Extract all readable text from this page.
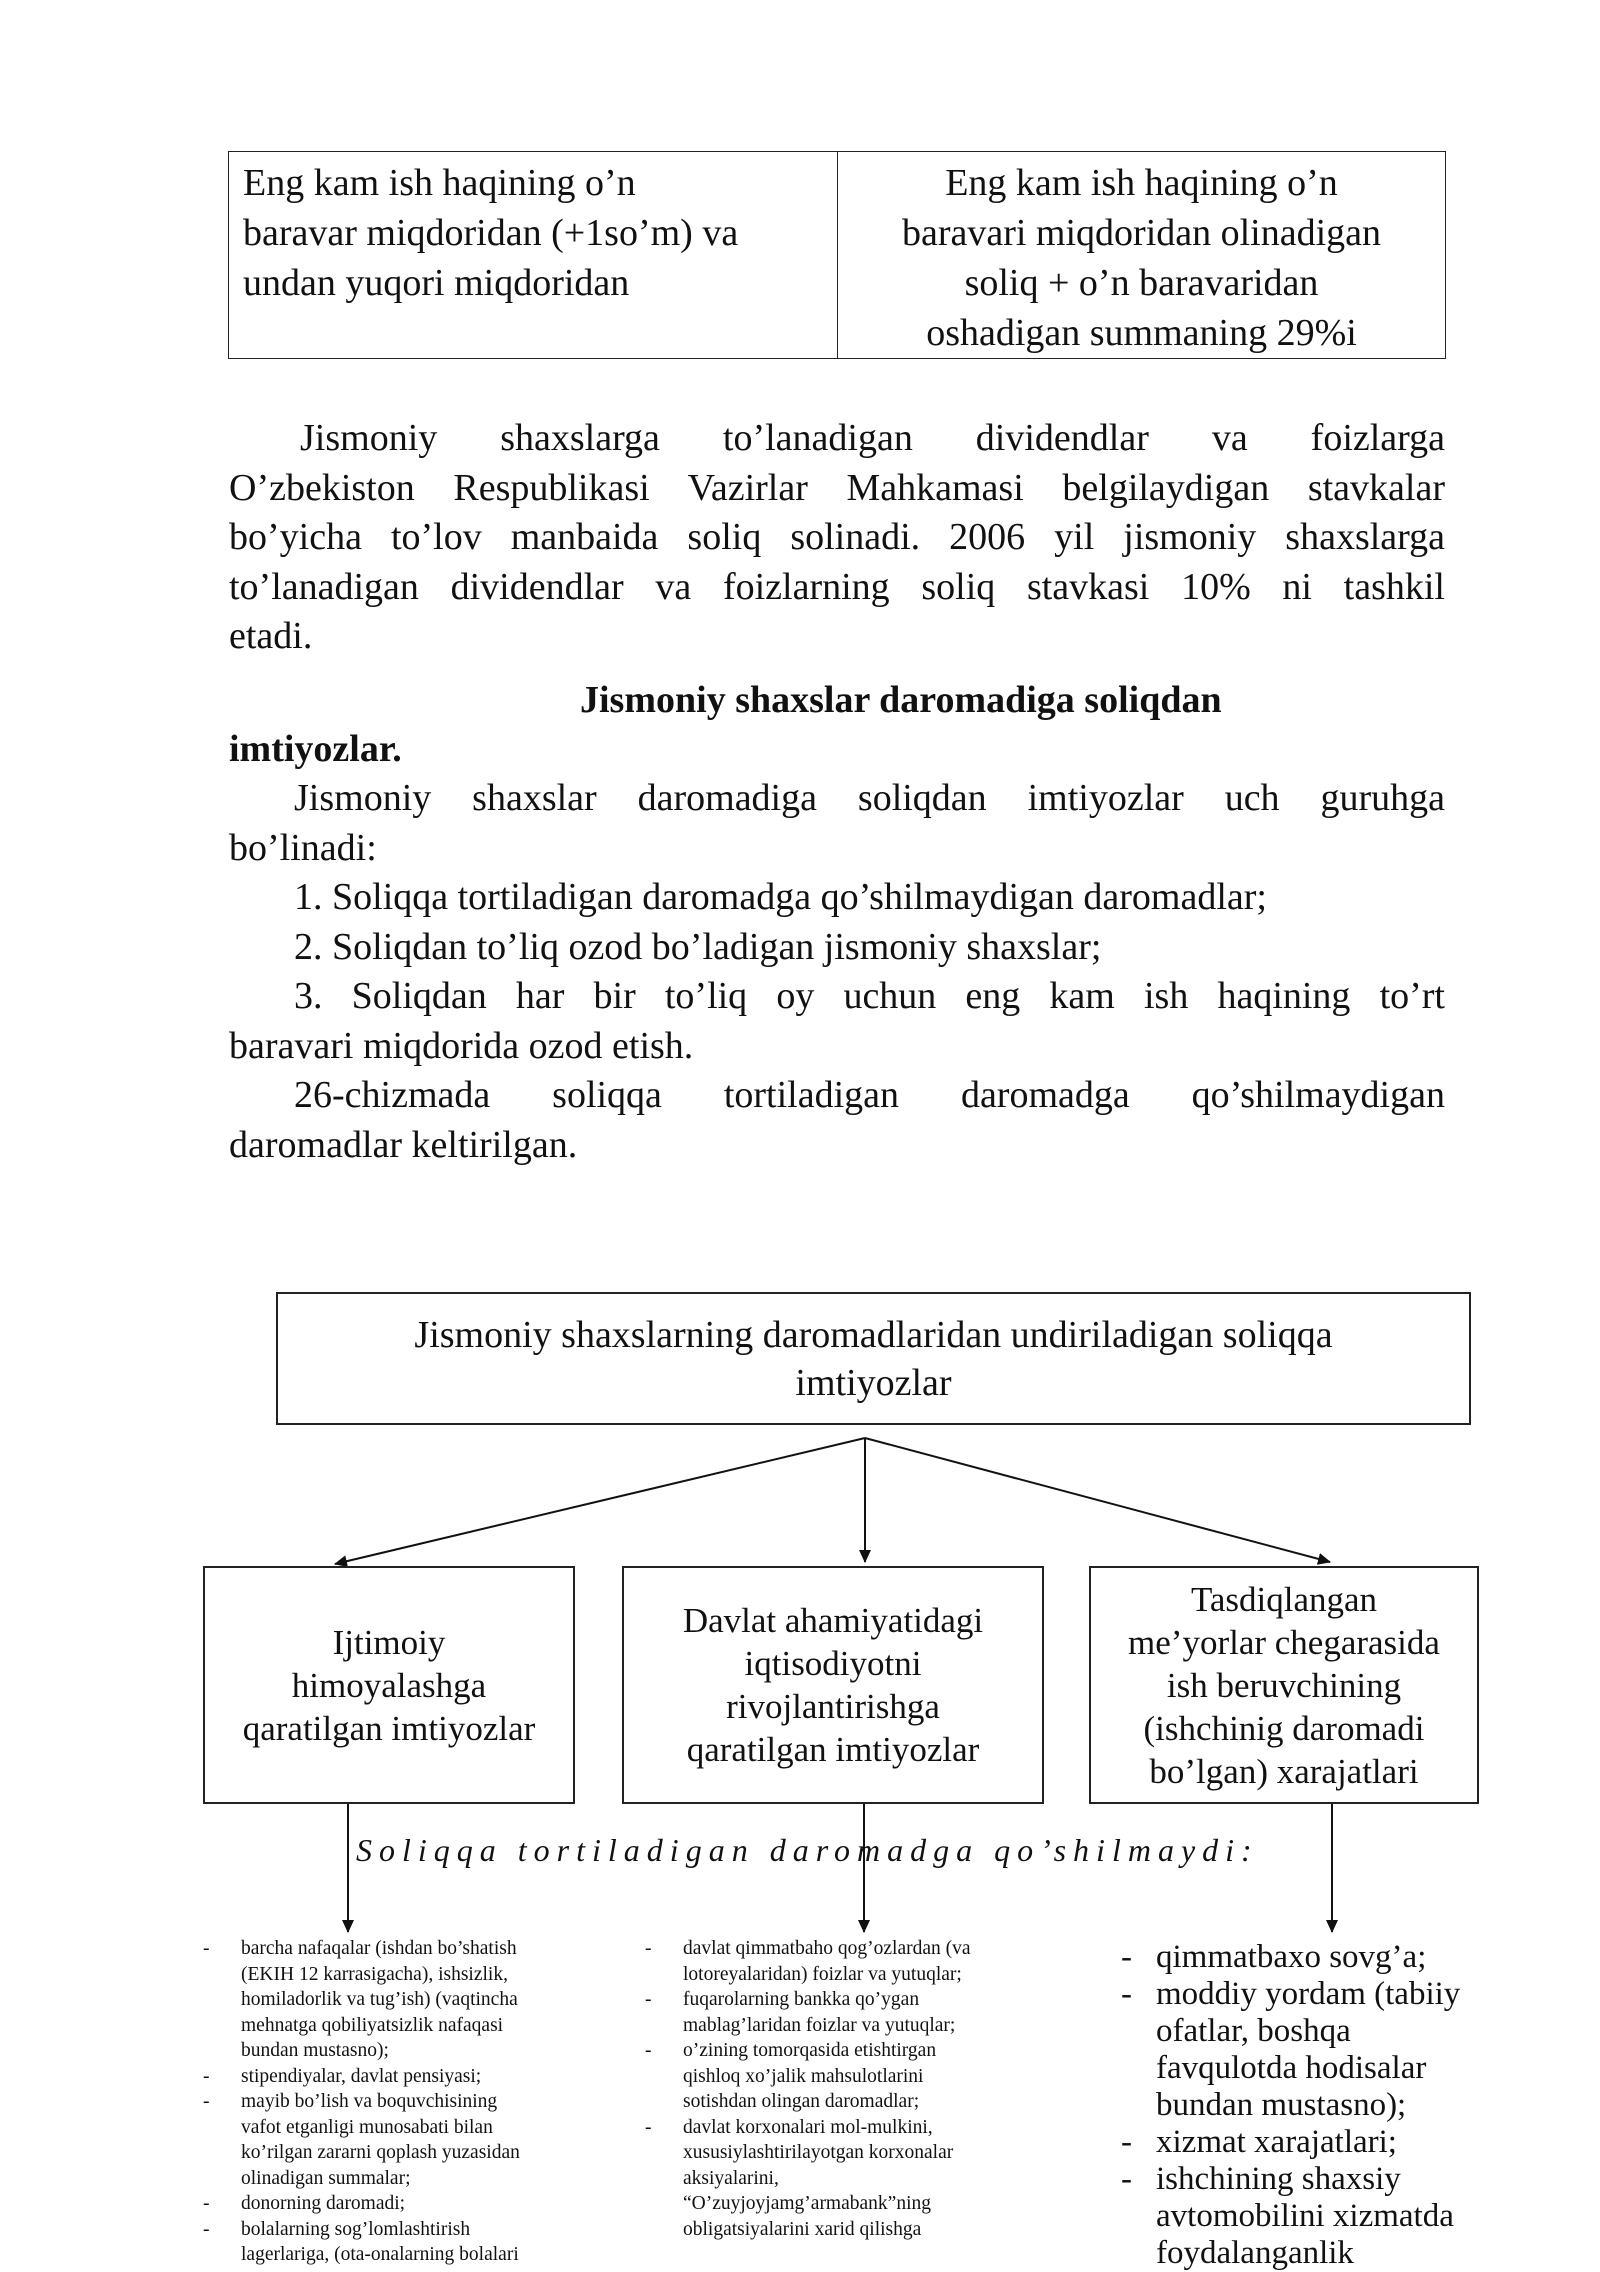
Eng kam ish haqining o’n
baravar miqdoridan (+1so’m) va
undan yuqori miqdoridan

Eng kam ish haqining o’n
baravari miqdoridan olinadigan
soliq + o’n baravaridan
oshadigan summaning 29%i
Jismoniy shaxslarga to’lanadigan dividendlar va foizlarga
O’zbekiston Respublikasi Vazirlar Mahkamasi belgilaydigan stavkalar
bo’yicha to’lov manbaida soliq solinadi. 2006 yil jismoniy shaxslarga
to’lanadigan dividendlar va foizlarning soliq stavkasi 10% ni tashkil
etadi.
Jismoniy shaxslar daromadiga soliqdan
imtiyozlar.
Jismoniy shaxslar daromadiga soliqdan imtiyozlar uch guruhga
bo’linadi:
1. Soliqqa tortiladigan daromadga qo’shilmaydigan daromadlar;
2. Soliqdan to’liq ozod bo’ladigan jismoniy shaxslar;
3. Soliqdan har bir to’liq oy uchun eng kam ish haqining to’rt
baravari miqdorida ozod etish.
26-chizmada soliqqa tortiladigan daromadga qo’shilmaydigan
daromadlar keltirilgan.
Jismoniy shaxslarning daromadlaridan undiriladigan soliqqa
imtiyozlar
Ijtimoiy
himoyalashga
qaratilgan imtiyozlar
Davlat ahamiyatidagi
iqtisodiyotni
rivojlantirishga
qaratilgan imtiyozlar
Tasdiqlangan
me’yorlar chegarasida
ish beruvchining
(ishchinig daromadi
bo’lgan) xarajatlari
Soliqqa tortiladigan daromadga qo’shilmaydi:
- barcha nafaqalar (ishdan bo’shatish
(EKIH 12 karrasigacha), ishsizlik,
homiladorlik va tug’ish) (vaqtincha
mehnatga qobiliyatsizlik nafaqasi
bundan mustasno);
- stipendiyalar, davlat pensiyasi;
- mayib bo’lish va boquvchisining
vafot etganligi munosabati bilan
ko’rilgan zararni qoplash yuzasidan
olinadigan summalar;
- donorning daromadi;
- bolalarning sog’lomlashtirish
lagerlariga, (ota-onalarning bolalari
- davlat qimmatbaho qog’ozlardan (va
lotoreyalaridan) foizlar va yutuqlar;
- fuqarolarning bankka qo’ygan
mablag’laridan foizlar va yutuqlar;
- o’zining tomorqasida etishtirgan
qishloq xo’jalik mahsulotlarini
sotishdan olingan daromadlar;
- davlat korxonalari mol-mulkini,
xususiylashtirilayotgan korxonalar
aksiyalarini,
“O’zuyjoyjamg’armabank”ning
obligatsiyalarini xarid qilishga
- qimmatbaxo sovg’a;
- moddiy yordam (tabiiy
ofatlar, boshqa
favqulotda hodisalar
bundan mustasno);
- xizmat xarajatlari;
- ishchining shaxsiy
avtomobilini xizmatda
foydalanganlik
